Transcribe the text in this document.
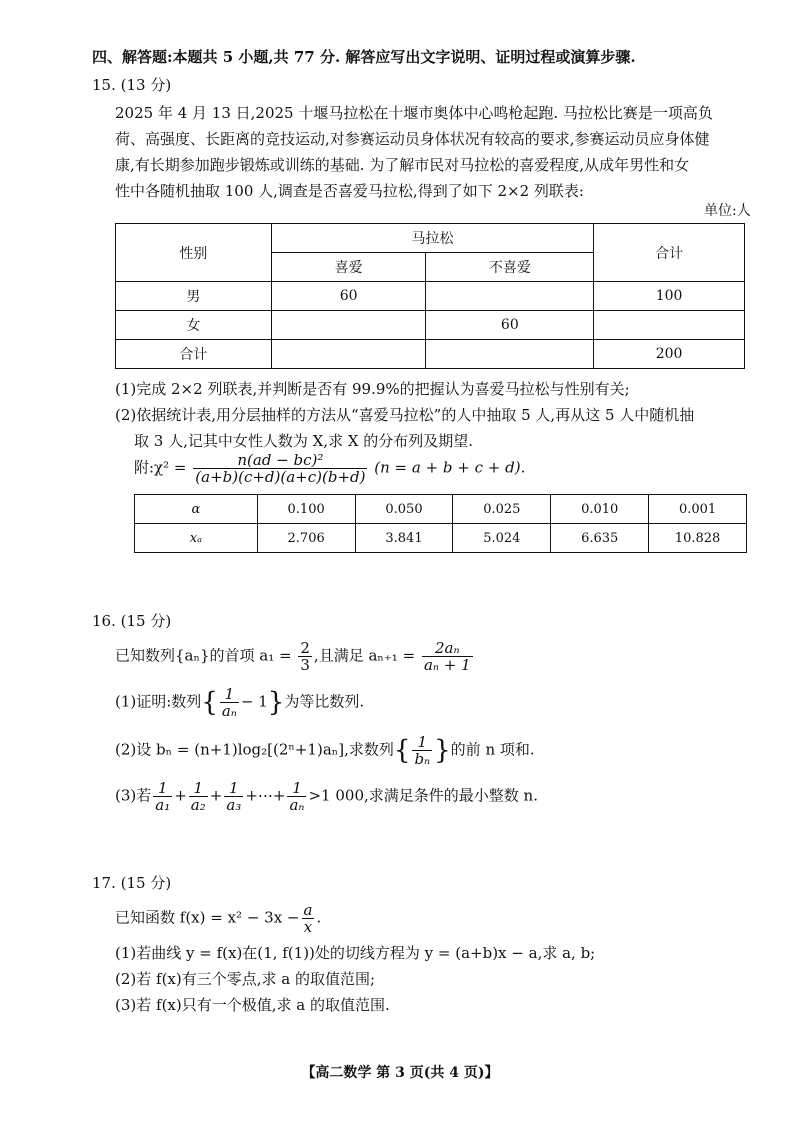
四、解答题:本题共 5 小题,共 77 分. 解答应写出文字说明、证明过程或演算步骤.
15. (13 分)
2025 年 4 月 13 日,2025 十堰马拉松在十堰市奥体中心鸣枪起跑. 马拉松比赛是一项高负
荷、高强度、长距离的竞技运动,对参赛运动员身体状况有较高的要求,参赛运动员应身体健
康,有长期参加跑步锻炼或训练的基础. 为了解市民对马拉松的喜爱程度,从成年男性和女
性中各随机抽取 100 人,调查是否喜爱马拉松,得到了如下 2×2 列联表:
单位:人
性别	马拉松		合计
	喜爱	不喜爱	
男	60		100
女		60	
合计			200
(1)完成 2×2 列联表,并判断是否有 99.9%的把握认为喜爱马拉松与性别有关;
(2)依据统计表,用分层抽样的方法从“喜爱马拉松”的人中抽取 5 人,再从这 5 人中随机抽
取 3 人,记其中女性人数为 X,求 X 的分布列及期望.
附:χ² = $\frac{\text{n(ad − bc)²}}{(a+b)(c+d)(a+c)(b+d)} (n = a + b + c + d)$.
α	0.100	0.050	0.025	0.010	0.001
xₐ	2.706	3.841	5.024	6.635	10.828
16. (15 分)
已知数列{aₙ}的首项 $a_1 = \frac{2}{3}$ ,且满足 $a_{n+1} = \frac{\text{2aₙ}}{\text{aₙ + 1}}$
(1)证明:数列{ $\frac{1}{\text{aₙ}} - 1$}为等比数列.
(2)设 bₙ = (n+1)log₂[(2ⁿ+1)aₙ],求数列{ $\frac{1}{\text{bₙ}}$ }的前 n 项和.
(3)若 $\frac{1}{\text{a₁}} + \frac{1}{\text{a₂}} + \frac{1}{\text{a₃}}$ +⋯+ $\frac{1}{\text{aₙ}} >1$ 000,求满足条件的最小整数 n.
17. (15 分)
已知函数 $f(x) = x^2 - 3x - \frac{a}{x}$ .
(1)若曲线 y = f(x)在(1, f(1))处的切线方程为 y = (a+b)x − a,求 a, b;
(2)若 f(x)有三个零点,求 a 的取值范围;
(3)若 f(x)只有一个极值,求 a 的取值范围.
【高二数学 第 3 页(共 4 页)】
